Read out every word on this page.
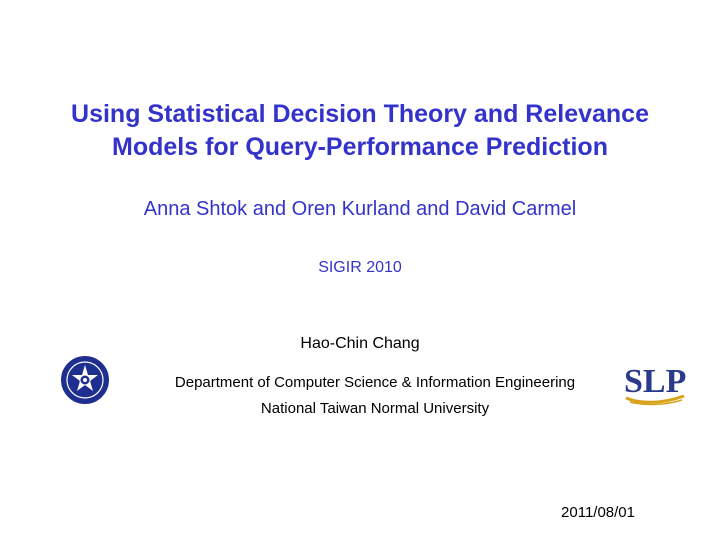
Using Statistical Decision Theory and Relevance
Models for Query-Performance Prediction
Anna Shtok and Oren Kurland and David Carmel
SIGIR 2010
Hao-Chin Chang
Department of Computer Science & Information Engineering
National Taiwan Normal University
2011/08/01
SLP
